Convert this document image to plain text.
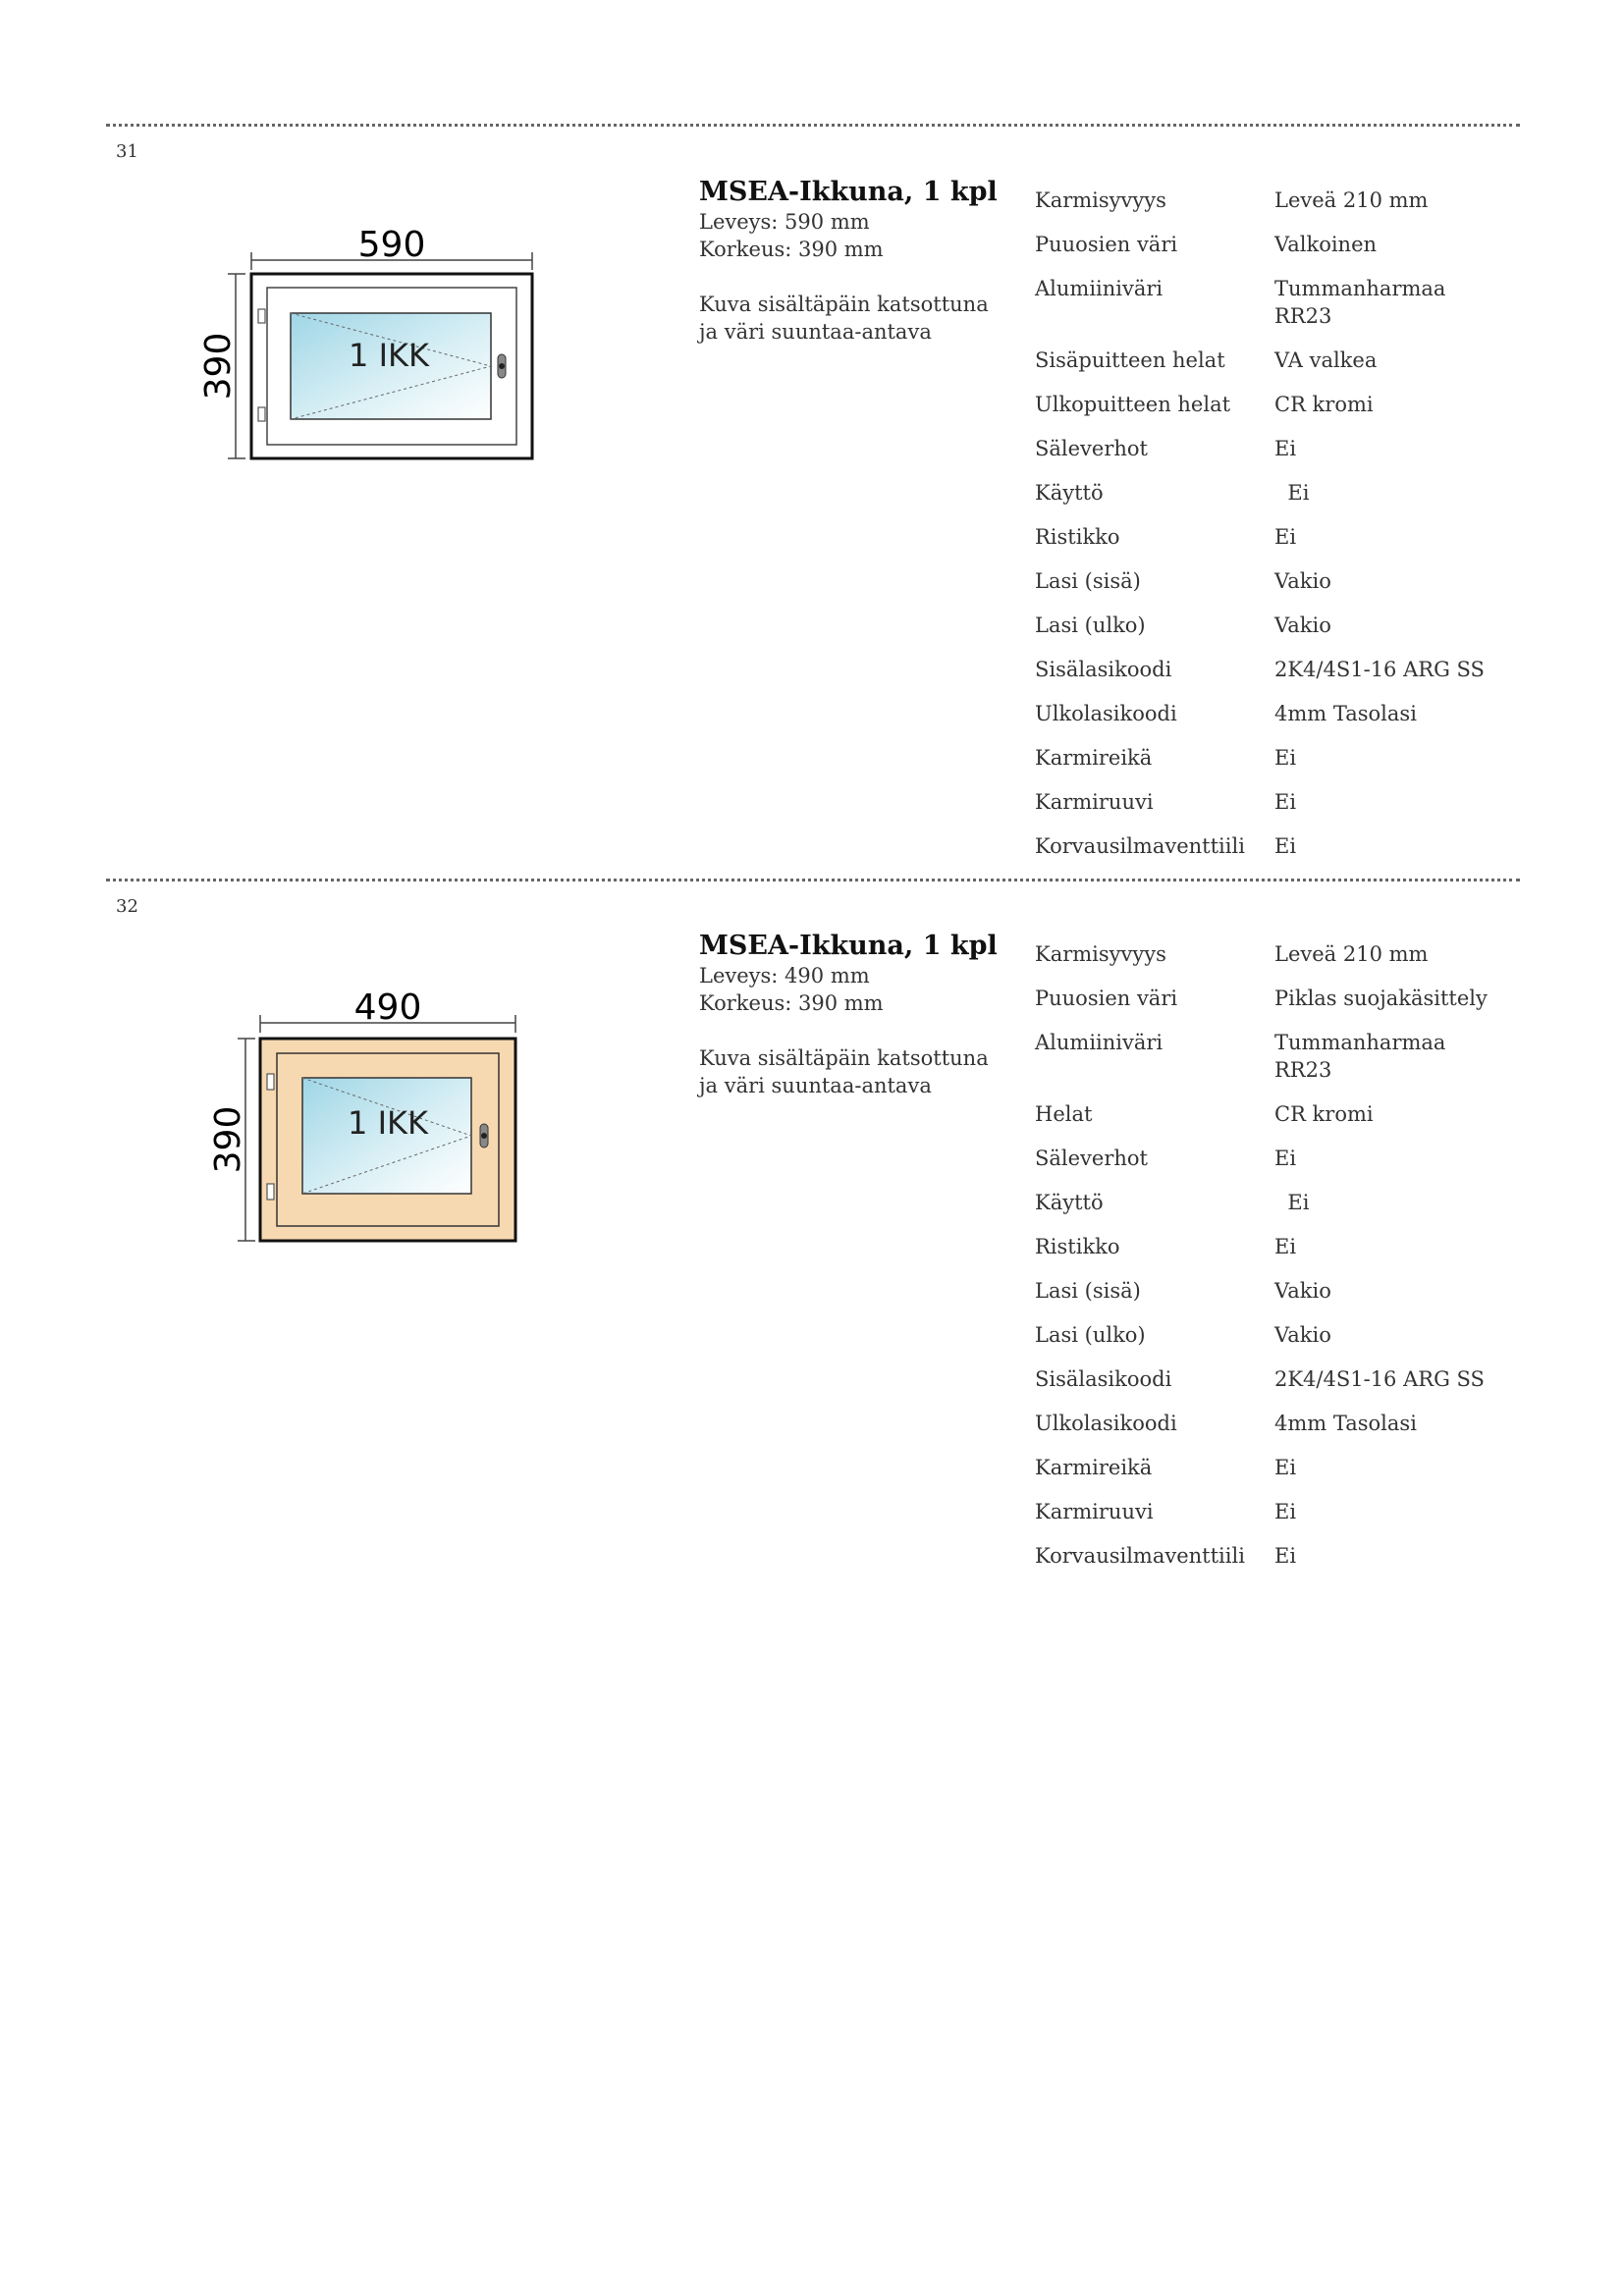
31
590
390	1 IKK
MSEA-Ikkuna, 1 kpl
Leveys: 590 mm
Korkeus: 390 mm
Kuva sisältäpäin katsottuna ja väri suuntaa-antava
Karmisyvyys	Leveä 210 mm
Puuosien väri	Valkoinen
Alumiiniväri	Tummanharmaa
RR23
Sisäpuitteen helat	VA valkea
Ulkopuitteen helat	CR kromi
Säleverhot	Ei
Käyttö	Ei
Ristikko	Ei
Lasi (sisä)	Vakio
Lasi (ulko)	Vakio
Sisälasikoodi	2K4/4S1-16 ARG SS
Ulkolasikoodi	4mm Tasolasi
Karmireikä	Ei
Karmiruuvi	Ei
Korvausilmaventtiili	Ei
32
490
390	1 IKK
MSEA-Ikkuna, 1 kpl
Leveys: 490 mm
Korkeus: 390 mm
Kuva sisältäpäin katsottuna ja väri suuntaa-antava
Karmisyvyys	Leveä 210 mm
Puuosien väri	Piklas suojakäsittely
Alumiiniväri	Tummanharmaa
RR23
Helat	CR kromi
Säleverhot	Ei
Käyttö	Ei
Ristikko	Ei
Lasi (sisä)	Vakio
Lasi (ulko)	Vakio
Sisälasikoodi	2K4/4S1-16 ARG SS
Ulkolasikoodi	4mm Tasolasi
Karmireikä	Ei
Karmiruuvi	Ei
Korvausilmaventtiili	Ei
